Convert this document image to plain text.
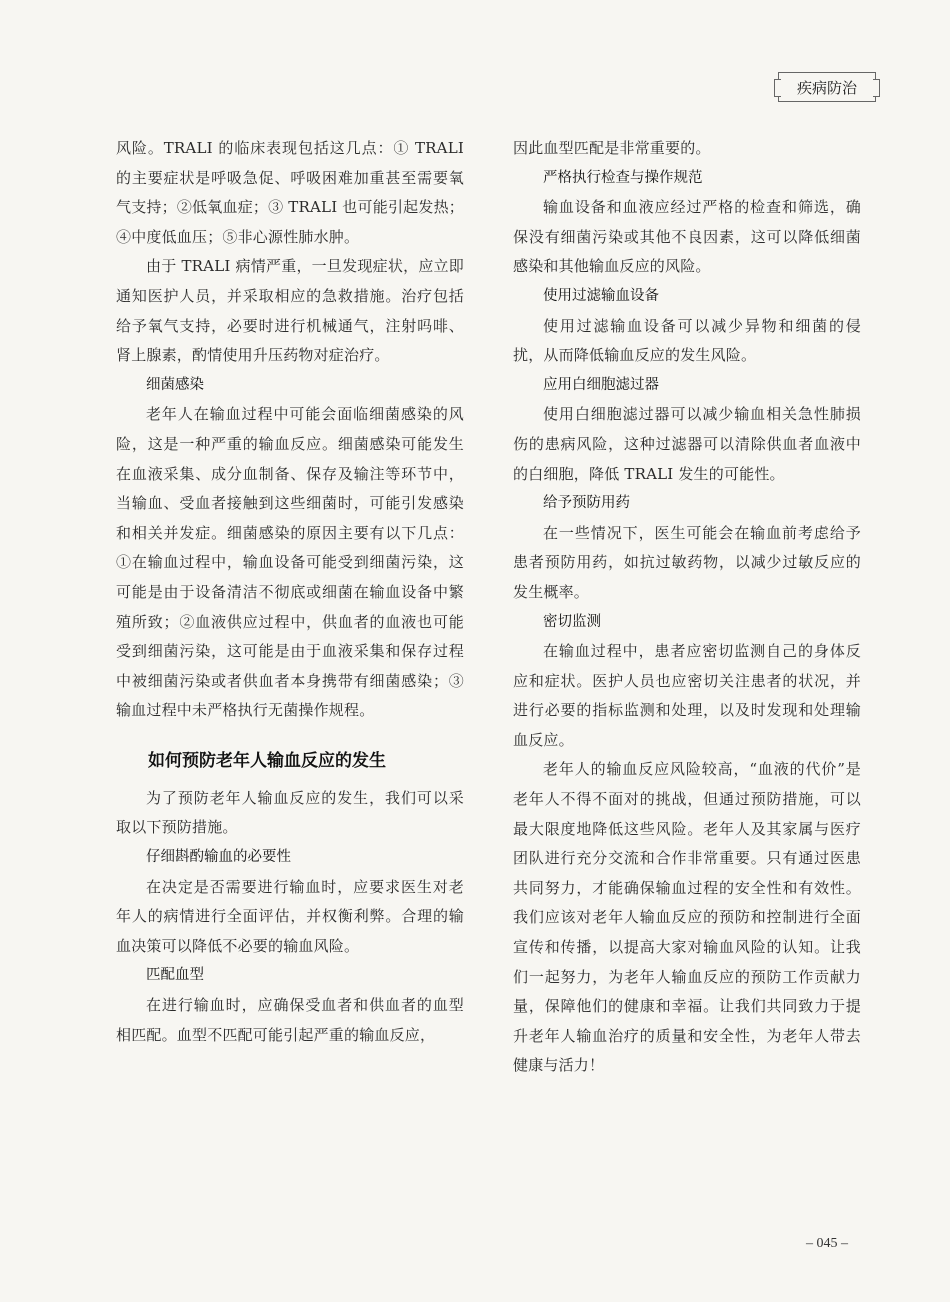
疾病防治

风险。TRALI 的临床表现包括这几点：① TRALI 的主要症状是呼吸急促、呼吸困难加重甚至需要氧气支持；②低氧血症；③ TRALI 也可能引起发热；④中度低血压；⑤非心源性肺水肿。

由于 TRALI 病情严重，一旦发现症状，应立即通知医护人员，并采取相应的急救措施。治疗包括给予氧气支持，必要时进行机械通气，注射吗啡、肾上腺素，酌情使用升压药物对症治疗。

细菌感染

老年人在输血过程中可能会面临细菌感染的风险，这是一种严重的输血反应。细菌感染可能发生在血液采集、成分血制备、保存及输注等环节中，当输血、受血者接触到这些细菌时，可能引发感染和相关并发症。细菌感染的原因主要有以下几点：①在输血过程中，输血设备可能受到细菌污染，这可能是由于设备清洁不彻底或细菌在输血设备中繁殖所致；②血液供应过程中，供血者的血液也可能受到细菌污染，这可能是由于血液采集和保存过程中被细菌污染或者供血者本身携带有细菌感染；③输血过程中未严格执行无菌操作规程。

如何预防老年人输血反应的发生

为了预防老年人输血反应的发生，我们可以采取以下预防措施。

仔细斟酌输血的必要性

在决定是否需要进行输血时，应要求医生对老年人的病情进行全面评估，并权衡利弊。合理的输血决策可以降低不必要的输血风险。

匹配血型

在进行输血时，应确保受血者和供血者的血型相匹配。血型不匹配可能引起严重的输血反应，

因此血型匹配是非常重要的。

严格执行检查与操作规范

输血设备和血液应经过严格的检查和筛选，确保没有细菌污染或其他不良因素，这可以降低细菌感染和其他输血反应的风险。

使用过滤输血设备

使用过滤输血设备可以减少异物和细菌的侵扰，从而降低输血反应的发生风险。

应用白细胞滤过器

使用白细胞滤过器可以减少输血相关急性肺损伤的患病风险，这种过滤器可以清除供血者血液中的白细胞，降低 TRALI 发生的可能性。

给予预防用药

在一些情况下，医生可能会在输血前考虑给予患者预防用药，如抗过敏药物，以减少过敏反应的发生概率。

密切监测

在输血过程中，患者应密切监测自己的身体反应和症状。医护人员也应密切关注患者的状况，并进行必要的指标监测和处理，以及时发现和处理输血反应。

老年人的输血反应风险较高，“血液的代价”是老年人不得不面对的挑战，但通过预防措施，可以最大限度地降低这些风险。老年人及其家属与医疗团队进行充分交流和合作非常重要。只有通过医患共同努力，才能确保输血过程的安全性和有效性。我们应该对老年人输血反应的预防和控制进行全面宣传和传播，以提高大家对输血风险的认知。让我们一起努力，为老年人输血反应的预防工作贡献力量，保障他们的健康和幸福。让我们共同致力于提升老年人输血治疗的质量和安全性，为老年人带去健康与活力！

– 045 –
